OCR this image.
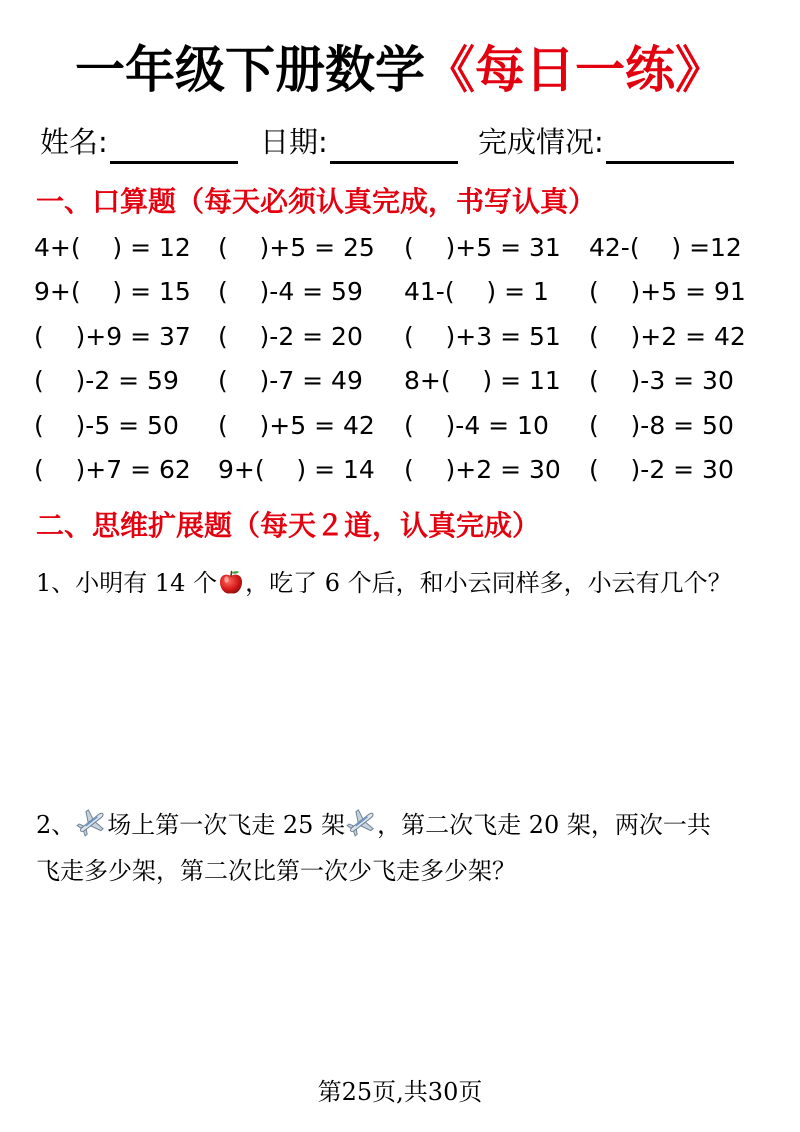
一年级下册数学《每日一练》
姓名:	日期:	完成情况:
一、口算题（每天必须认真完成，书写认真）
4+(    ) = 12 (    )+5 = 25 (    )+5 = 31 42-(    ) =12
9+(    ) = 15 (    )-4 = 59 41-(    ) = 1 (    )+5 = 91
(    )+9 = 37 (    )-2 = 20 (    )+3 = 51 (    )+2 = 42
(    )-2 = 59 (    )-7 = 49 8+(    ) = 11 (    )-3 = 30
(    )-5 = 50 (    )+5 = 42 (    )-4 = 10 (    )-8 = 50
(    )+7 = 62 9+(    ) = 14 (    )+2 = 30 (    )-2 = 30
二、思维扩展题（每天２道，认真完成）
1、小明有 14 个 ，吃了 6 个后，和小云同样多，小云有几个？
2、 场上第一次飞走 25 架 ，第二次飞走 20 架，两次一共
飞走多少架，第二次比第一次少飞走多少架？
第25页,共30页
